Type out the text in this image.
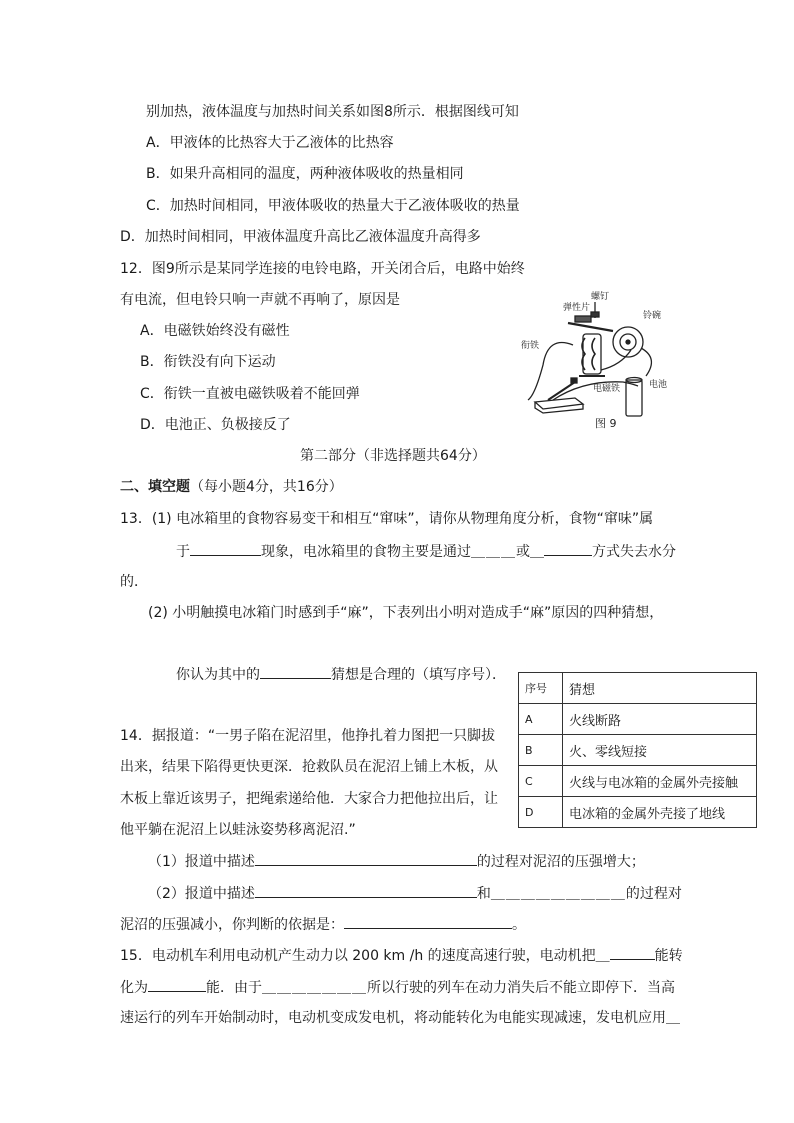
别加热，液体温度与加热时间关系如图8所示．根据图线可知
A．甲液体的比热容大于乙液体的比热容
B．如果升高相同的温度，两种液体吸收的热量相同
C．加热时间相同，甲液体吸收的热量大于乙液体吸收的热量
D．加热时间相同，甲液体温度升高比乙液体温度升高得多
12．图9所示是某同学连接的电铃电路，开关闭合后，电路中始终
有电流，但电铃只响一声就不再响了，原因是
A．电磁铁始终没有磁性
B．衔铁没有向下运动
C．衔铁一直被电磁铁吸着不能回弹
D．电池正、负极接反了
螺钉
弹性片
铃碗
衔铁
电磁铁	电池
图 9
第二部分（非选择题共64分）
二、填空题（每小题4分，共16分）
13．(1) 电冰箱里的食物容易变干和相互“窜味”，请你从物理角度分析，食物“窜味”属
于	现象，电冰箱里的食物主要是通过＿＿＿或＿	方式失去水分
的．
(2) 小明触摸电冰箱门时感到手“麻”，下表列出小明对造成手“麻”原因的四种猜想，
你认为其中的	猜想是合理的（填写序号）．
序号	猜想
A	火线断路
B	火、零线短接
C	火线与电冰箱的金属外壳接触
D	电冰箱的金属外壳接了地线
14．据报道：“一男子陷在泥沼里，他挣扎着力图把一只脚拔
出来，结果下陷得更快更深．抢救队员在泥沼上铺上木板，从
木板上靠近该男子，把绳索递给他．大家合力把他拉出后，让
他平躺在泥沼上以蛙泳姿势移离泥沼.”
（1）报道中描述	的过程对泥沼的压强增大；
（2）报道中描述	和＿＿＿＿＿＿＿＿＿的过程对
泥沼的压强减小，你判断的依据是：	。
15．电动机车利用电动机产生动力以 200 km /h 的速度高速行驶，电动机把＿	能转
化为	能．由于＿＿＿＿＿＿＿所以行驶的列车在动力消失后不能立即停下．当高
速运行的列车开始制动时，电动机变成发电机，将动能转化为电能实现减速，发电机应用＿
